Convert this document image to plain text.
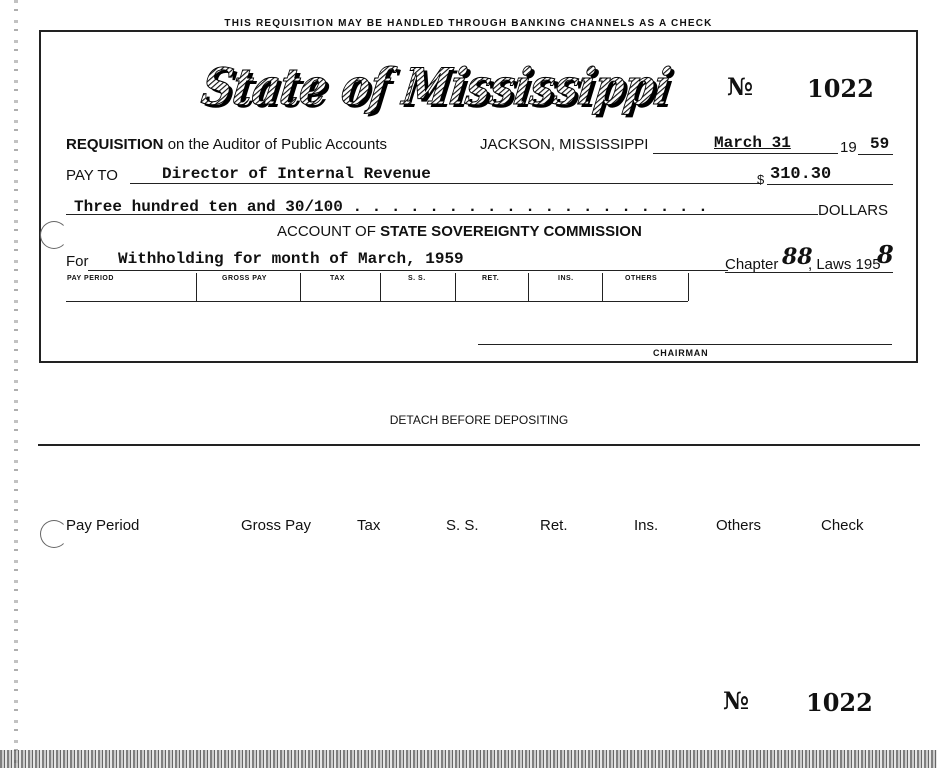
THIS REQUISITION MAY BE HANDLED THROUGH BANKING CHANNELS AS A CHECK
State of Mississippi
State of Mississippi
№ 1022
REQUISITION on the Auditor of Public Accounts	JACKSON, MISSISSIPPI	March 31	19 59
PAY TO	Director of Internal Revenue	$ 310.30
Three hundred ten and 30/100 . . . . . . . . . . . . . . . . . . .	DOLLARS
ACCOUNT OF STATE SOVEREIGNTY COMMISSION
For Withholding for month of March, 1959	Chapter 88
, Laws 195
8
PAY PERIOD	GROSS PAY	TAX	S. S.	RET.	INS.	OTHERS
CHAIRMAN
DETACH BEFORE DEPOSITING
Pay Period	Gross Pay	Tax	S. S.	Ret.	Ins.	Others	Check
№ 1022
